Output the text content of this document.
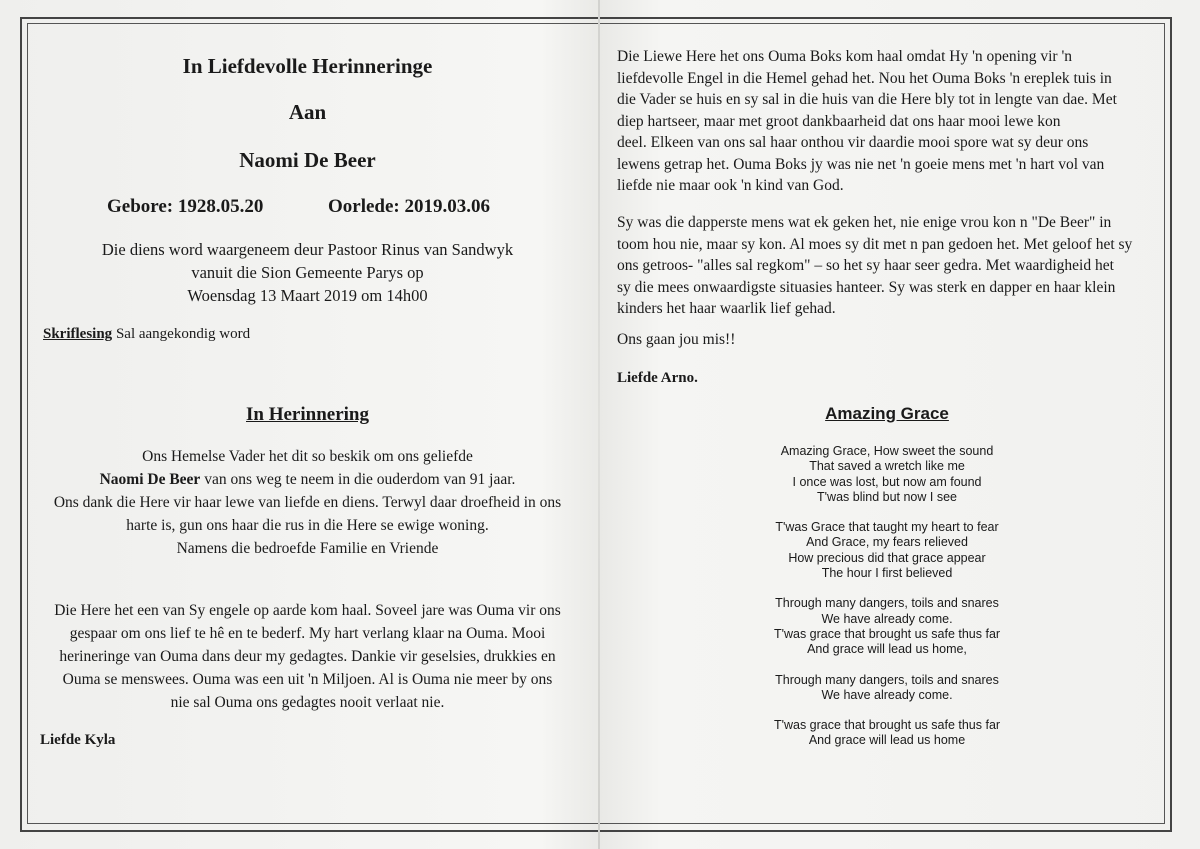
In Liefdevolle Herinneringe
Aan
Naomi De Beer
Gebore: 1928.05.20	Oorlede: 2019.03.06
Die diens word waargeneem deur Pastoor Rinus van Sandwyk
vanuit die Sion Gemeente Parys op
Woensdag 13 Maart 2019 om 14h00
Skriflesing Sal aangekondig word
In Herinnering
Ons Hemelse Vader het dit so beskik om ons geliefde
Naomi De Beer van ons weg te neem in die ouderdom van 91 jaar.
Ons dank die Here vir haar lewe van liefde en diens. Terwyl daar droefheid in ons
harte is, gun ons haar die rus in die Here se ewige woning.
Namens die bedroefde Familie en Vriende
Die Here het een van Sy engele op aarde kom haal. Soveel jare was Ouma vir ons
gespaar om ons lief te hê en te bederf. My hart verlang klaar na Ouma. Mooi
herineringe van Ouma dans deur my gedagtes. Dankie vir geselsies, drukkies en
Ouma se menswees. Ouma was een uit 'n Miljoen. Al is Ouma nie meer by ons
nie sal Ouma ons gedagtes nooit verlaat nie.
Liefde Kyla
Die Liewe Here het ons Ouma Boks kom haal omdat Hy 'n opening vir 'n
liefdevolle Engel in die Hemel gehad het. Nou het Ouma Boks 'n ereplek tuis in
die Vader se huis en sy sal in die huis van die Here bly tot in lengte van dae. Met
diep hartseer, maar met groot dankbaarheid dat ons haar mooi lewe kon
deel. Elkeen van ons sal haar onthou vir daardie mooi spore wat sy deur ons
lewens getrap het. Ouma Boks jy was nie net 'n goeie mens met 'n hart vol van
liefde nie maar ook 'n kind van God.
Sy was die dapperste mens wat ek geken het, nie enige vrou kon n "De Beer" in
toom hou nie, maar sy kon. Al moes sy dit met n pan gedoen het. Met geloof het sy
ons getroos- "alles sal regkom" – so het sy haar seer gedra. Met waardigheid het
sy die mees onwaardigste situasies hanteer. Sy was sterk en dapper en haar klein
kinders het haar waarlik lief gehad.
Ons gaan jou mis!!
Liefde Arno.
Amazing Grace
Amazing Grace, How sweet the sound
That saved a wretch like me
I once was lost, but now am found
T'was blind but now I see
T'was Grace that taught my heart to fear
And Grace, my fears relieved
How precious did that grace appear
The hour I first believed
Through many dangers, toils and snares
We have already come.
T'was grace that brought us safe thus far
And grace will lead us home,
Through many dangers, toils and snares
We have already come.
T'was grace that brought us safe thus far
And grace will lead us home
